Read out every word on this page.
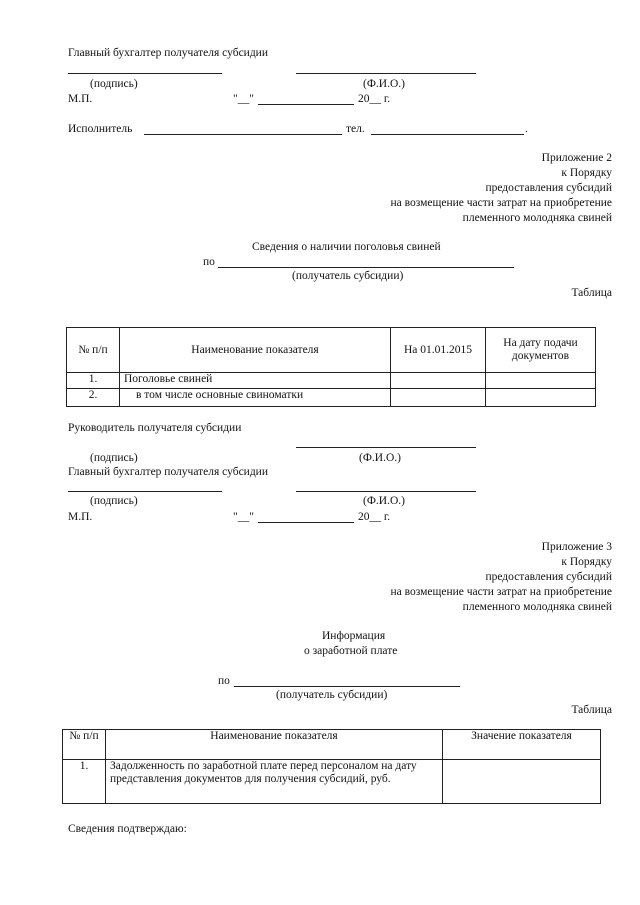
Главный бухгалтер получателя субсидии
(подпись)	(Ф.И.О.)
М.П.	"__"	20__ г.
Исполнитель	тел.	.
Приложение 2
к Порядку
предоставления субсидий
на возмещение части затрат на приобретение
племенного молодняка свиней
Сведения о наличии поголовья свиней
по
(получатель субсидии)
Таблица
№ п/п	Наименование показателя	На 01.01.2015	На дату подачи документов
1.	Поголовье свиней		
2.	в том числе основные свиноматки		
Руководитель получателя субсидии
(подпись)	(Ф.И.О.)
Главный бухгалтер получателя субсидии
(подпись)	(Ф.И.О.)
М.П.	"__"	20__ г.
Приложение 3
к Порядку
предоставления субсидий
на возмещение части затрат на приобретение
племенного молодняка свиней
Информация
о заработной плате
по
(получатель субсидии)
Таблица
№ п/п	Наименование показателя	Значение показателя
1.	Задолженность по заработной плате перед персоналом на дату представления документов для получения субсидий, руб.	
Сведения подтверждаю:
